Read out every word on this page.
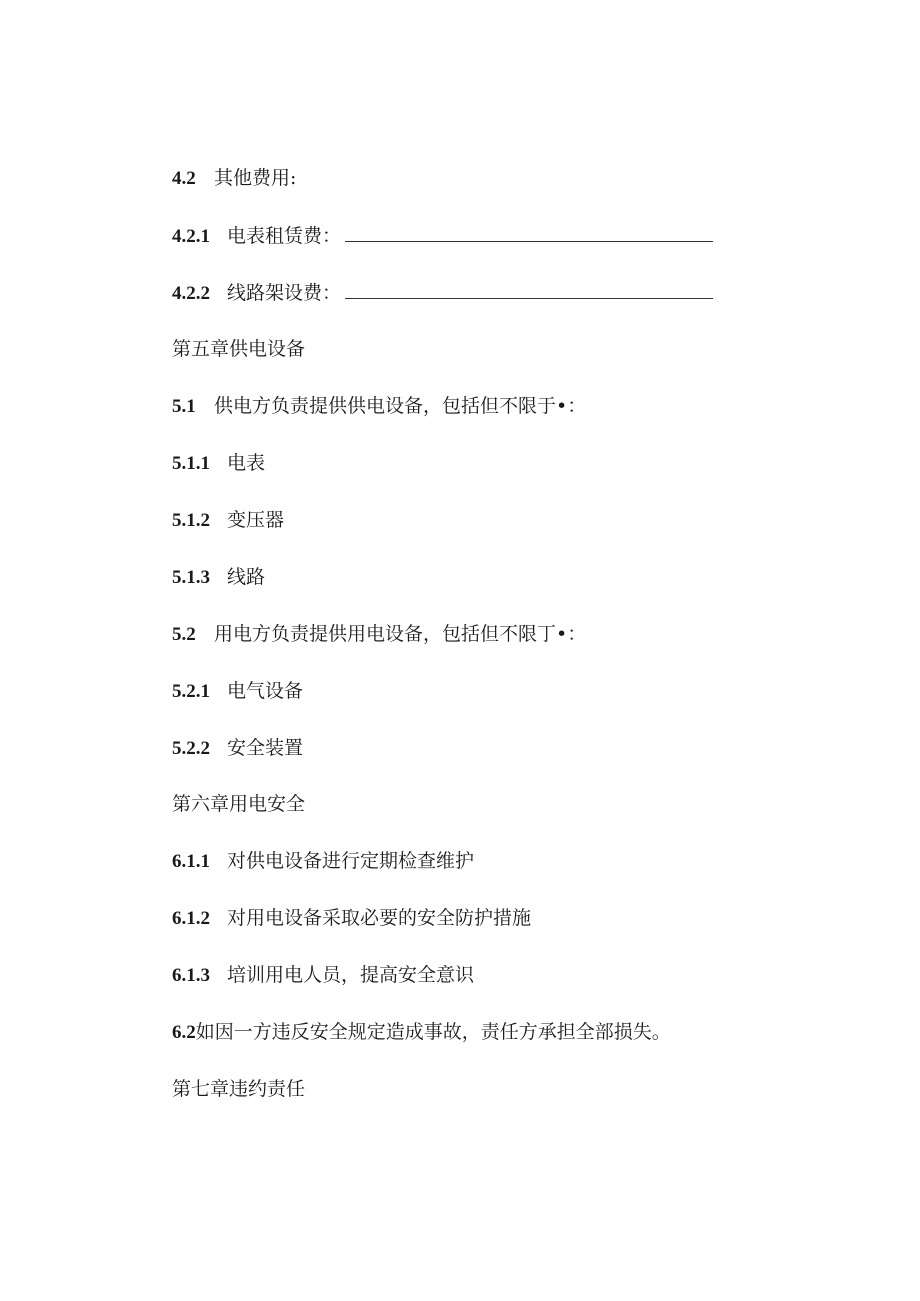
4.2 其他费用:
4.2.1 电表租赁费：
4.2.2 线路架设费：
第五章供电设备
5.1 供电方负责提供供电设备，包括但不限于•：
5.1.1 电表
5.1.2 变压器
5.1.3 线路
5.2 用电方负责提供用电设备，包括但不限丁•：
5.2.1 电气设备
5.2.2 安全装置
第六章用电安全
6.1.1 对供电设备进行定期检查维护
6.1.2 对用电设备采取必要的安全防护措施
6.1.3 培训用电人员，提高安全意识
6.2如因一方违反安全规定造成事故，责任方承担全部损失。
第七章违约责任
